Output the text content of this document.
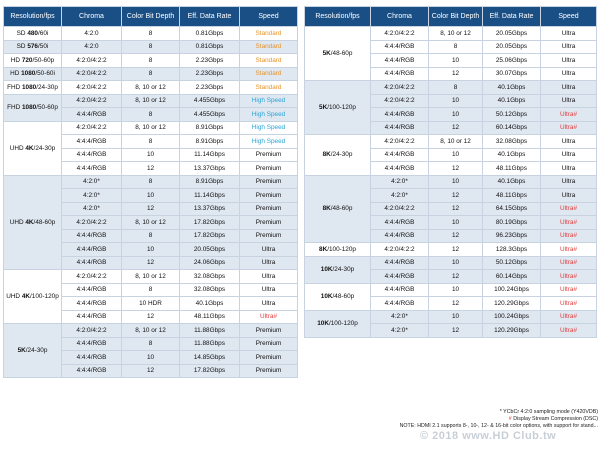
Resolution/fps	Chroma	Color Bit Depth	Eff. Data Rate	Speed
SD 480/60i	4:2:0	8	0.81Gbps	Standard
SD 576/50i	4:2:0	8	0.81Gbps	Standard
HD 720/50-60p	4:2:0/4:2:2	8	2.23Gbps	Standard
HD 1080/50-60i	4:2:0/4:2:2	8	2.23Gbps	Standard
FHD 1080/24-30p	4:2:0/4:2:2	8, 10 or 12	2.23Gbps	Standard
FHD 1080/50-60p	4:2:0/4:2:2	8, 10 or 12	4.455Gbps	High Speed
	4:4:4/RGB	8	4.455Gbps	High Speed
UHD 4K/24-30p	4:2:0/4:2:2	8, 10 or 12	8.91Gbps	High Speed
	4:4:4/RGB	8	8.91Gbps	High Speed
	4:4:4/RGB	10	11.14Gbps	Premium
	4:4:4/RGB	12	13.37Gbps	Premium
UHD 4K/48-60p	4:2:0*	8	8.91Gbps	Premium
	4:2:0*	10	11.14Gbps	Premium
	4:2:0*	12	13.37Gbps	Premium
	4:2:0/4:2:2	8, 10 or 12	17.82Gbps	Premium
	4:4:4/RGB	8	17.82Gbps	Premium
	4:4:4/RGB	10	20.05Gbps	Ultra
	4:4:4/RGB	12	24.06Gbps	Ultra
UHD 4K/100-120p	4:2:0/4:2:2	8, 10 or 12	32.08Gbps	Ultra
	4:4:4/RGB	8	32.08Gbps	Ultra
	4:4:4/RGB	10 HDR	40.1Gbps	Ultra
	4:4:4/RGB	12	48.11Gbps	Ultra#
5K/24-30p	4:2:0/4:2:2	8, 10 or 12	11.88Gbps	Premium
	4:4:4/RGB	8	11.88Gbps	Premium
	4:4:4/RGB	10	14.85Gbps	Premium
	4:4:4/RGB	12	17.82Gbps	Premium
Resolution/fps	Chroma	Color Bit Depth	Eff. Data Rate	Speed
5K/48-60p	4:2:0/4:2:2	8, 10 or 12	20.05Gbps	Ultra
	4:4:4/RGB	8	20.05Gbps	Ultra
	4:4:4/RGB	10	25.06Gbps	Ultra
	4:4:4/RGB	12	30.07Gbps	Ultra
5K/100-120p	4:2:0/4:2:2	8	40.1Gbps	Ultra
	4:2:0/4:2:2	10	40.1Gbps	Ultra
	4:4:4/RGB	10	50.12Gbps	Ultra#
	4:4:4/RGB	12	60.14Gbps	Ultra#
8K/24-30p	4:2:0/4:2:2	8, 10 or 12	32.08Gbps	Ultra
	4:4:4/RGB	10	40.1Gbps	Ultra
	4:4:4/RGB	12	48.11Gbps	Ultra
8K/48-60p	4:2:0*	10	40.1Gbps	Ultra
	4:2:0*	12	48.11Gbps	Ultra
	4:2:0/4:2:2	12	64.15Gbps	Ultra#
	4:4:4/RGB	10	80.19Gbps	Ultra#
	4:4:4/RGB	12	96.23Gbps	Ultra#
8K/100-120p	4:2:0/4:2:2	12	128.3Gbps	Ultra#
10K/24-30p	4:4:4/RGB	10	50.12Gbps	Ultra#
	4:4:4/RGB	12	60.14Gbps	Ultra#
10K/48-60p	4:4:4/RGB	10	100.24Gbps	Ultra#
	4:4:4/RGB	12	120.29Gbps	Ultra#
10K/100-120p	4:2:0*	10	100.24Gbps	Ultra#
	4:2:0*	12	120.29Gbps	Ultra#
* YCbCr 4:2:0 sampling mode (Y420VDB)
# Display Stream Compression (DSC)
NOTE: HDMI 2.1 supports 8-, 10-, 12- & 16-bit color options, with support for stand...
© 2018 www.HD Club.tw
